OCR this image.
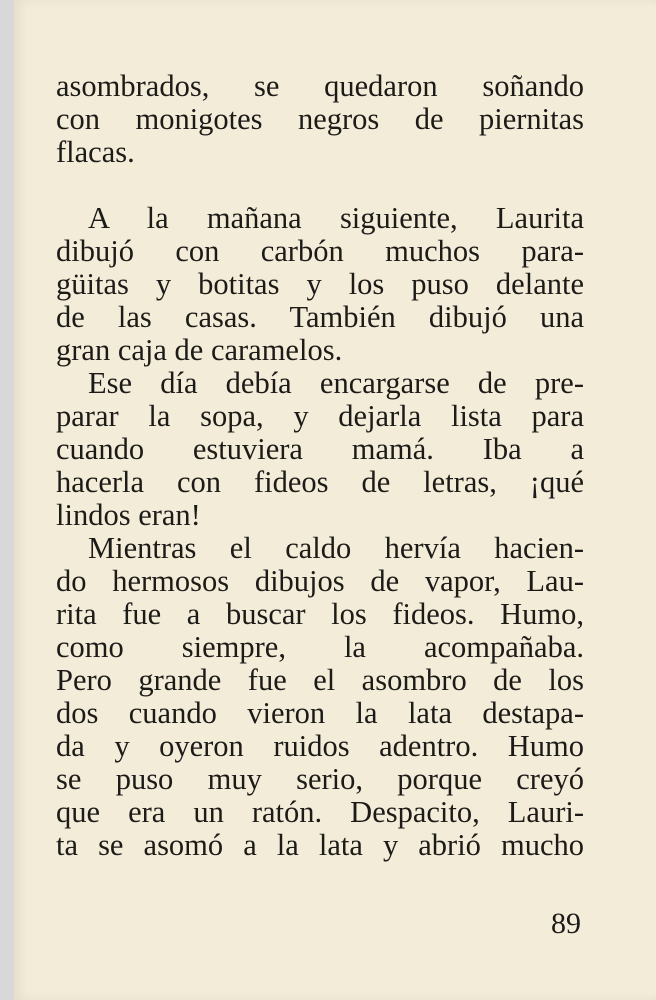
asombrados, se quedaron soñando
con monigotes negros de piernitas
flacas.
A la mañana siguiente, Laurita
dibujó con carbón muchos para-
güitas y botitas y los puso delante
de las casas. También dibujó una
gran caja de caramelos.
Ese día debía encargarse de pre-
parar la sopa, y dejarla lista para
cuando estuviera mamá. Iba a
hacerla con fideos de letras, ¡qué
lindos eran!
Mientras el caldo hervía hacien-
do hermosos dibujos de vapor, Lau-
rita fue a buscar los fideos. Humo,
como siempre, la acompañaba.
Pero grande fue el asombro de los
dos cuando vieron la lata destapa-
da y oyeron ruidos adentro. Humo
se puso muy serio, porque creyó
que era un ratón. Despacito, Lauri-
ta se asomó a la lata y abrió mucho
89
